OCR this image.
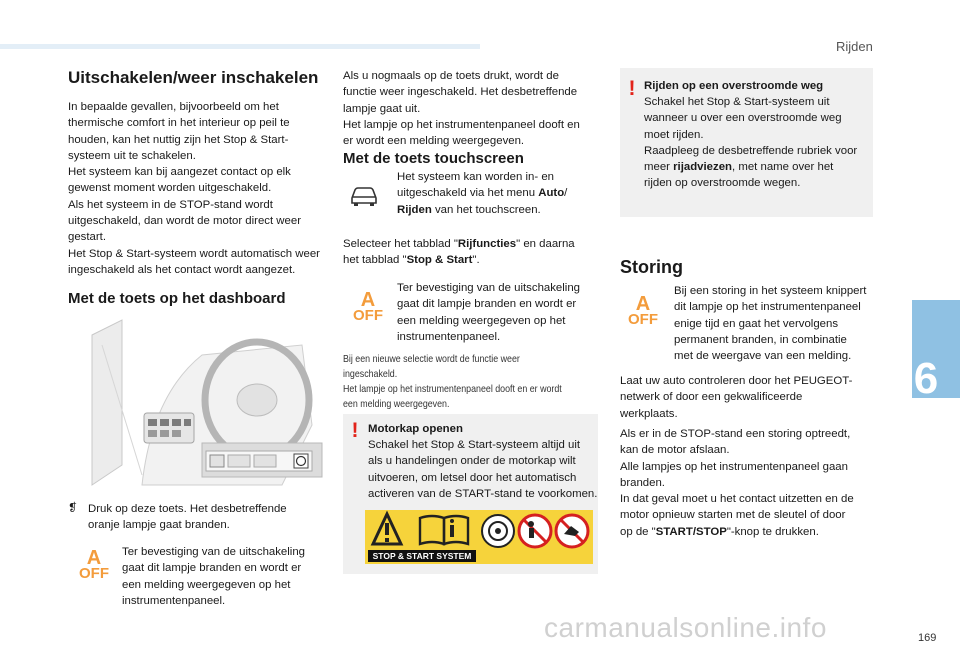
Rijden
6
169
carmanualsonline.info
Uitschakelen/weer inschakelen
In bepaalde gevallen, bijvoorbeeld om het
thermische comfort in het interieur op peil te
houden, kan het nuttig zijn het Stop & Start-
systeem uit te schakelen.
Het systeem kan bij aangezet contact op elk
gewenst moment worden uitgeschakeld.
Als het systeem in de STOP-stand wordt
uitgeschakeld, dan wordt de motor direct weer
gestart.
Het Stop & Start-systeem wordt automatisch weer
ingeschakeld als het contact wordt aangezet.
Met de toets op het dashboard
❡ Druk op deze toets. Het desbetreffende
oranje lampje gaat branden.
A
OFF
Ter bevestiging van de uitschakeling
gaat dit lampje branden en wordt er
een melding weergegeven op het
instrumentenpaneel.
Als u nogmaals op de toets drukt, wordt de
functie weer ingeschakeld. Het desbetreffende
lampje gaat uit.
Het lampje op het instrumentenpaneel dooft en
er wordt een melding weergegeven.
Met de toets touchscreen
Het systeem kan worden in- en
uitgeschakeld via het menu Auto/
Rijden van het touchscreen.
Selecteer het tabblad "Rijfuncties" en daarna
het tabblad "Stop & Start".
A
OFF
Ter bevestiging van de uitschakeling
gaat dit lampje branden en wordt er
een melding weergegeven op het
instrumentenpaneel.
Bij een nieuwe selectie wordt de functie weer ingeschakeld.
Het lampje op het instrumentenpaneel dooft en er wordt
een melding weergegeven.
! Motorkap openen
Schakel het Stop & Start-systeem altijd uit
als u handelingen onder de motorkap wilt
uitvoeren, om letsel door het automatisch
activeren van de START-stand te voorkomen.
STOP & START SYSTEM
! Rijden op een overstroomde weg
Schakel het Stop & Start-systeem uit
wanneer u over een overstroomde weg
moet rijden.
Raadpleeg de desbetreffende rubriek voor
meer rijadviezen, met name over het
rijden op overstroomde wegen.
Storing
A
OFF
Bij een storing in het systeem knippert
dit lampje op het instrumentenpaneel
enige tijd en gaat het vervolgens
permanent branden, in combinatie
met de weergave van een melding.
Laat uw auto controleren door het PEUGEOT-
netwerk of door een gekwalificeerde
werkplaats.
Als er in de STOP-stand een storing optreedt,
kan de motor afslaan.
Alle lampjes op het instrumentenpaneel gaan
branden.
In dat geval moet u het contact uitzetten en de
motor opnieuw starten met de sleutel of door
op de "START/STOP"-knop te drukken.
